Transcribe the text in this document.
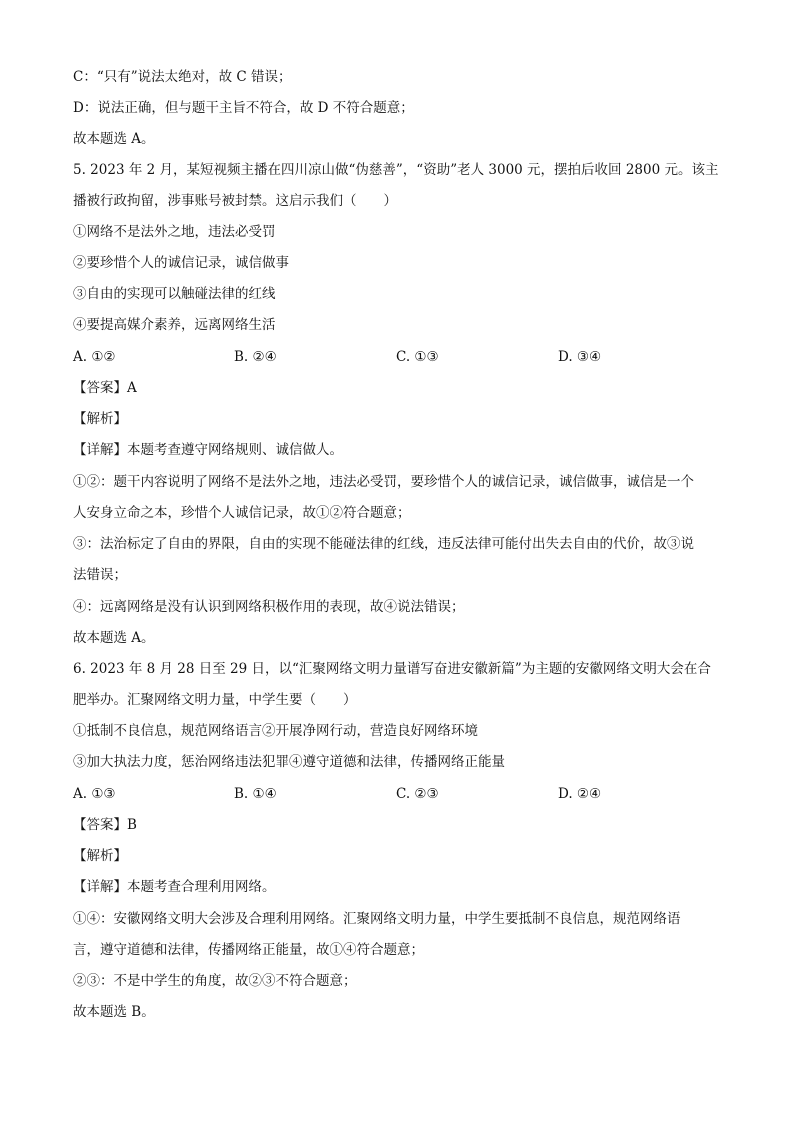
C：“只有”说法太绝对，故 C 错误；
D：说法正确，但与题干主旨不符合，故 D 不符合题意；
故本题选 A。
5. 2023 年 2 月，某短视频主播在四川凉山做“伪慈善”，“资助”老人 3000 元，摆拍后收回 2800 元。该主
播被行政拘留，涉事账号被封禁。这启示我们（　　）
①网络不是法外之地，违法必受罚
②要珍惜个人的诚信记录，诚信做事
③自由的实现可以触碰法律的红线
④要提高媒介素养，远离网络生活
A. ①②	B. ②④	C. ①③	D. ③④
【答案】A
【解析】
【详解】本题考查遵守网络规则、诚信做人。
①②：题干内容说明了网络不是法外之地，违法必受罚，要珍惜个人的诚信记录，诚信做事，诚信是一个
人安身立命之本，珍惜个人诚信记录，故①②符合题意；
③：法治标定了自由的界限，自由的实现不能碰法律的红线，违反法律可能付出失去自由的代价，故③说
法错误；
④：远离网络是没有认识到网络积极作用的表现，故④说法错误；
故本题选 A。
6. 2023 年 8 月 28 日至 29 日，以“汇聚网络文明力量谱写奋进安徽新篇”为主题的安徽网络文明大会在合
肥举办。汇聚网络文明力量，中学生要（　　）
①抵制不良信息，规范网络语言②开展净网行动，营造良好网络环境
③加大执法力度，惩治网络违法犯罪④遵守道德和法律，传播网络正能量
A. ①③	B. ①④	C. ②③	D. ②④
【答案】B
【解析】
【详解】本题考查合理利用网络。
①④：安徽网络文明大会涉及合理利用网络。汇聚网络文明力量，中学生要抵制不良信息，规范网络语
言，遵守道德和法律，传播网络正能量，故①④符合题意；
②③：不是中学生的角度，故②③不符合题意；
故本题选 B。
